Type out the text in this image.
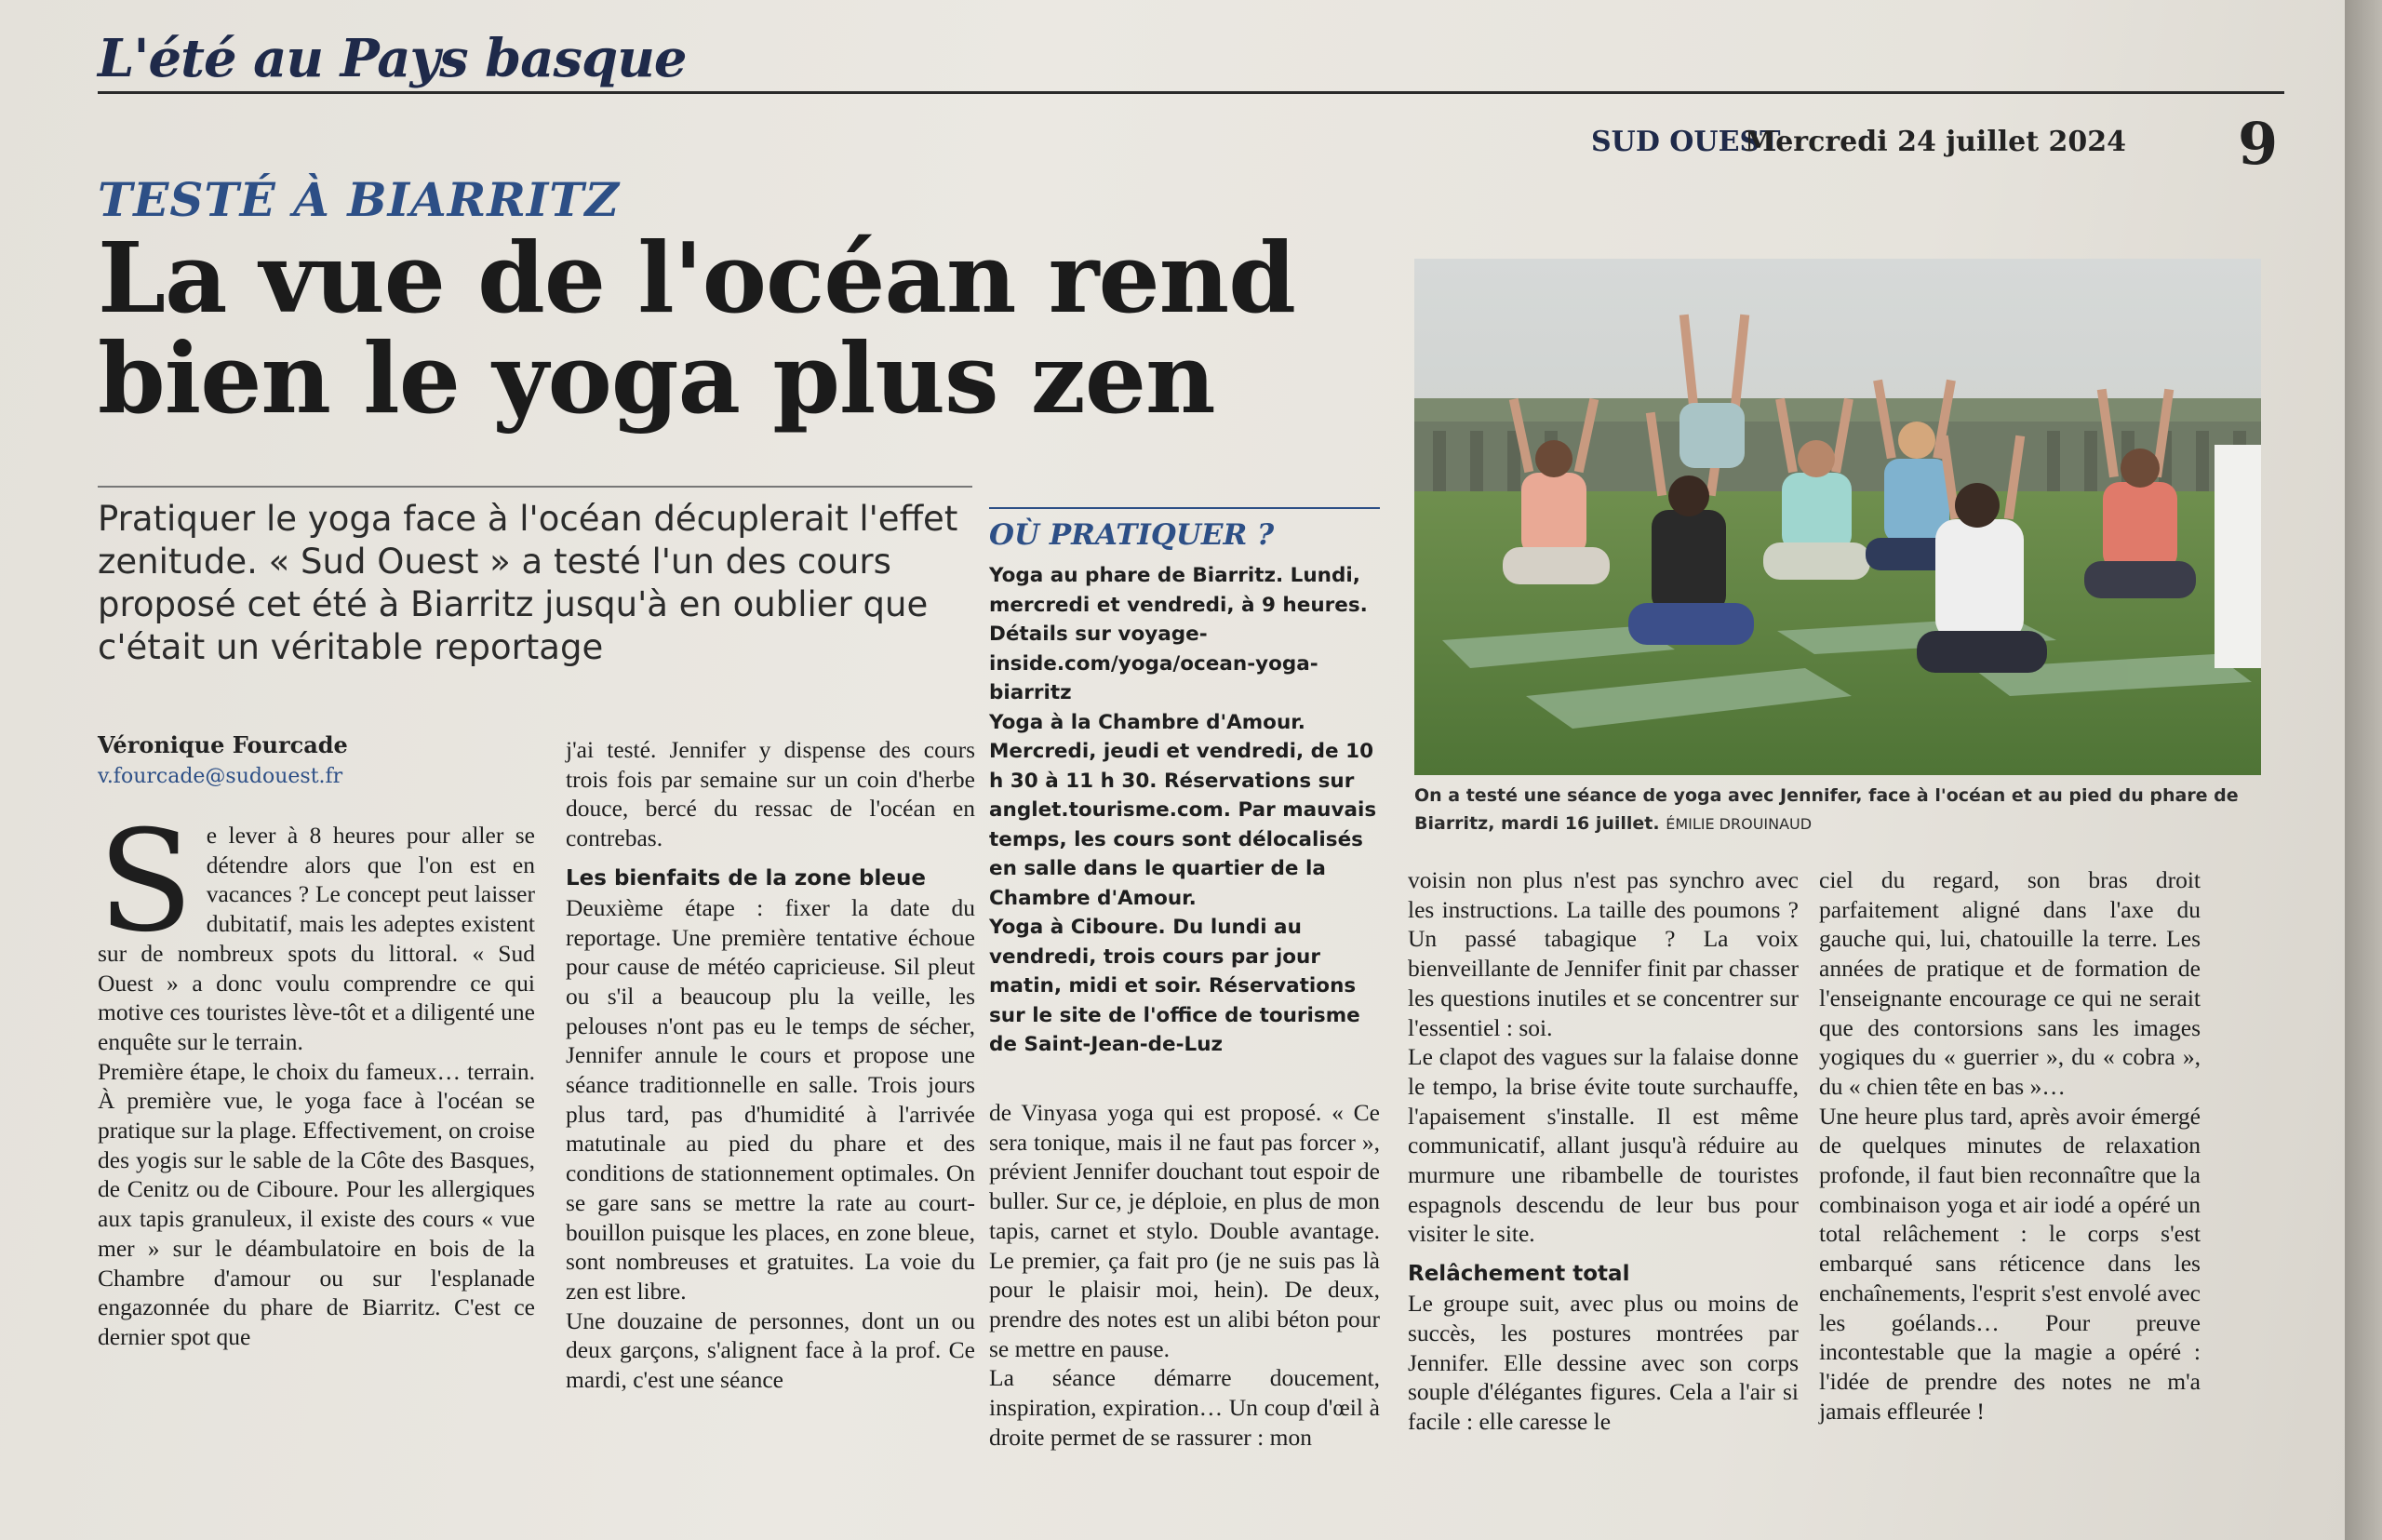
L'été au Pays basque
SUD OUEST
Mercredi 24 juillet 2024 9
TESTÉ À BIARRITZ
La vue de l'océan rend bien le yoga plus zen
Pratiquer le yoga face à l'océan décuplerait l'effet zenitude. « Sud Ouest » a testé l'un des cours proposé cet été à Biarritz jusqu'à en oublier que c'était un véritable reportage
Véronique Fourcade
v.fourcade@sudouest.fr
S e lever à 8 heures pour aller se détendre alors que l'on est en vacances ? Le concept peut laisser dubitatif, mais les adeptes existent sur de nombreux spots du littoral. « Sud Ouest » a donc voulu comprendre ce qui motive ces touristes lève-tôt et a diligenté une enquête sur le terrain.

Première étape, le choix du fameux… terrain. À première vue, le yoga face à l'océan se pratique sur la plage. Effectivement, on croise des yogis sur le sable de la Côte des Basques, de Cenitz ou de Ciboure. Pour les allergiques aux tapis granuleux, il existe des cours « vue mer » sur le déambulatoire en bois de la Chambre d'amour ou sur l'esplanade engazonnée du phare de Biarritz. C'est ce dernier spot que

j'ai testé. Jennifer y dispense des cours trois fois par semaine sur un coin d'herbe douce, bercé du ressac de l'océan en contrebas.

Les bienfaits de la zone bleue

Deuxième étape : fixer la date du reportage. Une première tentative échoue pour cause de météo capricieuse. Sil pleut ou s'il a beaucoup plu la veille, les pelouses n'ont pas eu le temps de sécher, Jennifer annule le cours et propose une séance traditionnelle en salle. Trois jours plus tard, pas d'humidité à l'arrivée matutinale au pied du phare et des conditions de stationnement optimales. On se gare sans se mettre la rate au court-bouillon puisque les places, en zone bleue, sont nombreuses et gratuites. La voie du zen est libre.

Une douzaine de personnes, dont un ou deux garçons, s'alignent face à la prof. Ce mardi, c'est une séance

OÙ PRATIQUER ?

Yoga au phare de Biarritz. Lundi, mercredi et vendredi, à 9 heures. Détails sur voyage-inside.com/yoga/ocean-yoga-biarritz

Yoga à la Chambre d'Amour. Mercredi, jeudi et vendredi, de 10 h 30 à 11 h 30. Réservations sur anglet.tourisme.com. Par mauvais temps, les cours sont délocalisés en salle dans le quartier de la Chambre d'Amour.

Yoga à Ciboure. Du lundi au vendredi, trois cours par jour matin, midi et soir. Réservations sur le site de l'office de tourisme de Saint-Jean-de-Luz

de Vinyasa yoga qui est proposé. « Ce sera tonique, mais il ne faut pas forcer », prévient Jennifer douchant tout espoir de buller. Sur ce, je déploie, en plus de mon tapis, carnet et stylo. Double avantage. Le premier, ça fait pro (je ne suis pas là pour le plaisir moi, hein). De deux, prendre des notes est un alibi béton pour se mettre en pause.

La séance démarre doucement, inspiration, expiration… Un coup d'œil à droite permet de se rassurer : mon

voisin non plus n'est pas synchro avec les instructions. La taille des poumons ? Un passé tabagique ? La voix bienveillante de Jennifer finit par chasser les questions inutiles et se concentrer sur l'essentiel : soi.

Le clapot des vagues sur la falaise donne le tempo, la brise évite toute surchauffe, l'apaisement s'installe. Il est même communicatif, allant jusqu'à réduire au murmure une ribambelle de touristes espagnols descendu de leur bus pour visiter le site.

Relâchement total

Le groupe suit, avec plus ou moins de succès, les postures montrées par Jennifer. Elle dessine avec son corps souple d'élégantes figures. Cela a l'air si facile : elle caresse le

ciel du regard, son bras droit parfaitement aligné dans l'axe du gauche qui, lui, chatouille la terre. Les années de pratique et de formation de l'enseignante encourage ce qui ne serait que des contorsions sans les images yogiques du « guerrier », du « cobra », du « chien tête en bas »…

Une heure plus tard, après avoir émergé de quelques minutes de relaxation profonde, il faut bien reconnaître que la combinaison yoga et air iodé a opéré un total relâchement : le corps s'est embarqué sans réticence dans les enchaînements, l'esprit s'est envolé avec les goélands… Pour preuve incontestable que la magie a opéré : l'idée de prendre des notes ne m'a jamais effleurée !

On a testé une séance de yoga avec Jennifer, face à l'océan et au pied du phare de Biarritz, mardi 16 juillet. ÉMILIE DROUINAUD
